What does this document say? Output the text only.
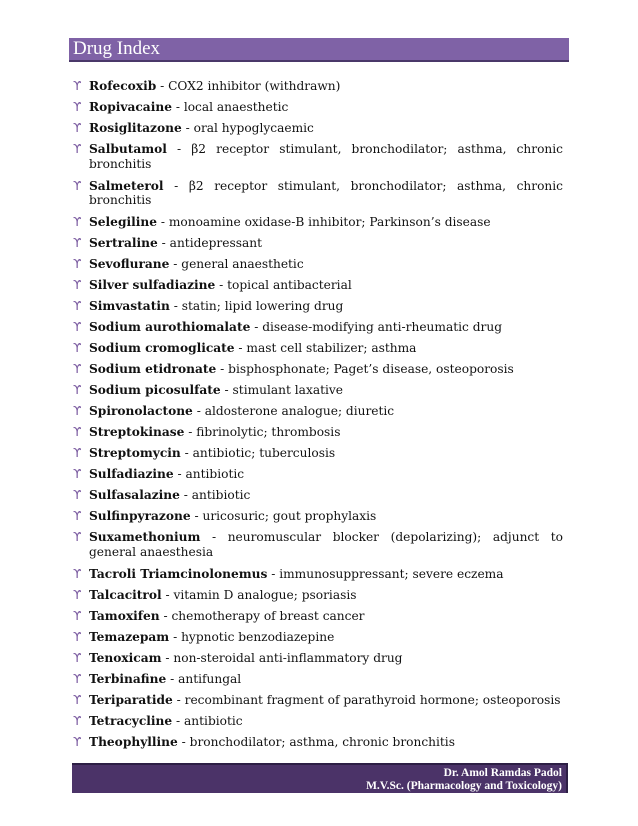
Drug Index
ϒ Rofecoxib - COX2 inhibitor (withdrawn)
ϒ Ropivacaine - local anaesthetic
ϒ Rosiglitazone - oral hypoglycaemic
ϒ Salbutamol - β2 receptor stimulant, bronchodilator; asthma, chronic bronchitis
ϒ Salmeterol - β2 receptor stimulant, bronchodilator; asthma, chronic bronchitis
ϒ Selegiline - monoamine oxidase-B inhibitor; Parkinson’s disease
ϒ Sertraline - antidepressant
ϒ Sevoflurane - general anaesthetic
ϒ Silver sulfadiazine - topical antibacterial
ϒ Simvastatin - statin; lipid lowering drug
ϒ Sodium aurothiomalate - disease-modifying anti-rheumatic drug
ϒ Sodium cromoglicate - mast cell stabilizer; asthma
ϒ Sodium etidronate - bisphosphonate; Paget’s disease, osteoporosis
ϒ Sodium picosulfate - stimulant laxative
ϒ Spironolactone - aldosterone analogue; diuretic
ϒ Streptokinase - fibrinolytic; thrombosis
ϒ Streptomycin - antibiotic; tuberculosis
ϒ Sulfadiazine - antibiotic
ϒ Sulfasalazine - antibiotic
ϒ Sulfinpyrazone - uricosuric; gout prophylaxis
ϒ Suxamethonium - neuromuscular blocker (depolarizing); adjunct to general anaesthesia
ϒ Tacroli Triamcinolonemus - immunosuppressant; severe eczema
ϒ Talcacitrol - vitamin D analogue; psoriasis
ϒ Tamoxifen - chemotherapy of breast cancer
ϒ Temazepam - hypnotic benzodiazepine
ϒ Tenoxicam - non-steroidal anti-inflammatory drug
ϒ Terbinafine - antifungal
ϒ Teriparatide - recombinant fragment of parathyroid hormone; osteoporosis
ϒ Tetracycline - antibiotic
ϒ Theophylline - bronchodilator; asthma, chronic bronchitis
Dr. Amol Ramdas Padol
M.V.Sc. (Pharmacology and Toxicology)
